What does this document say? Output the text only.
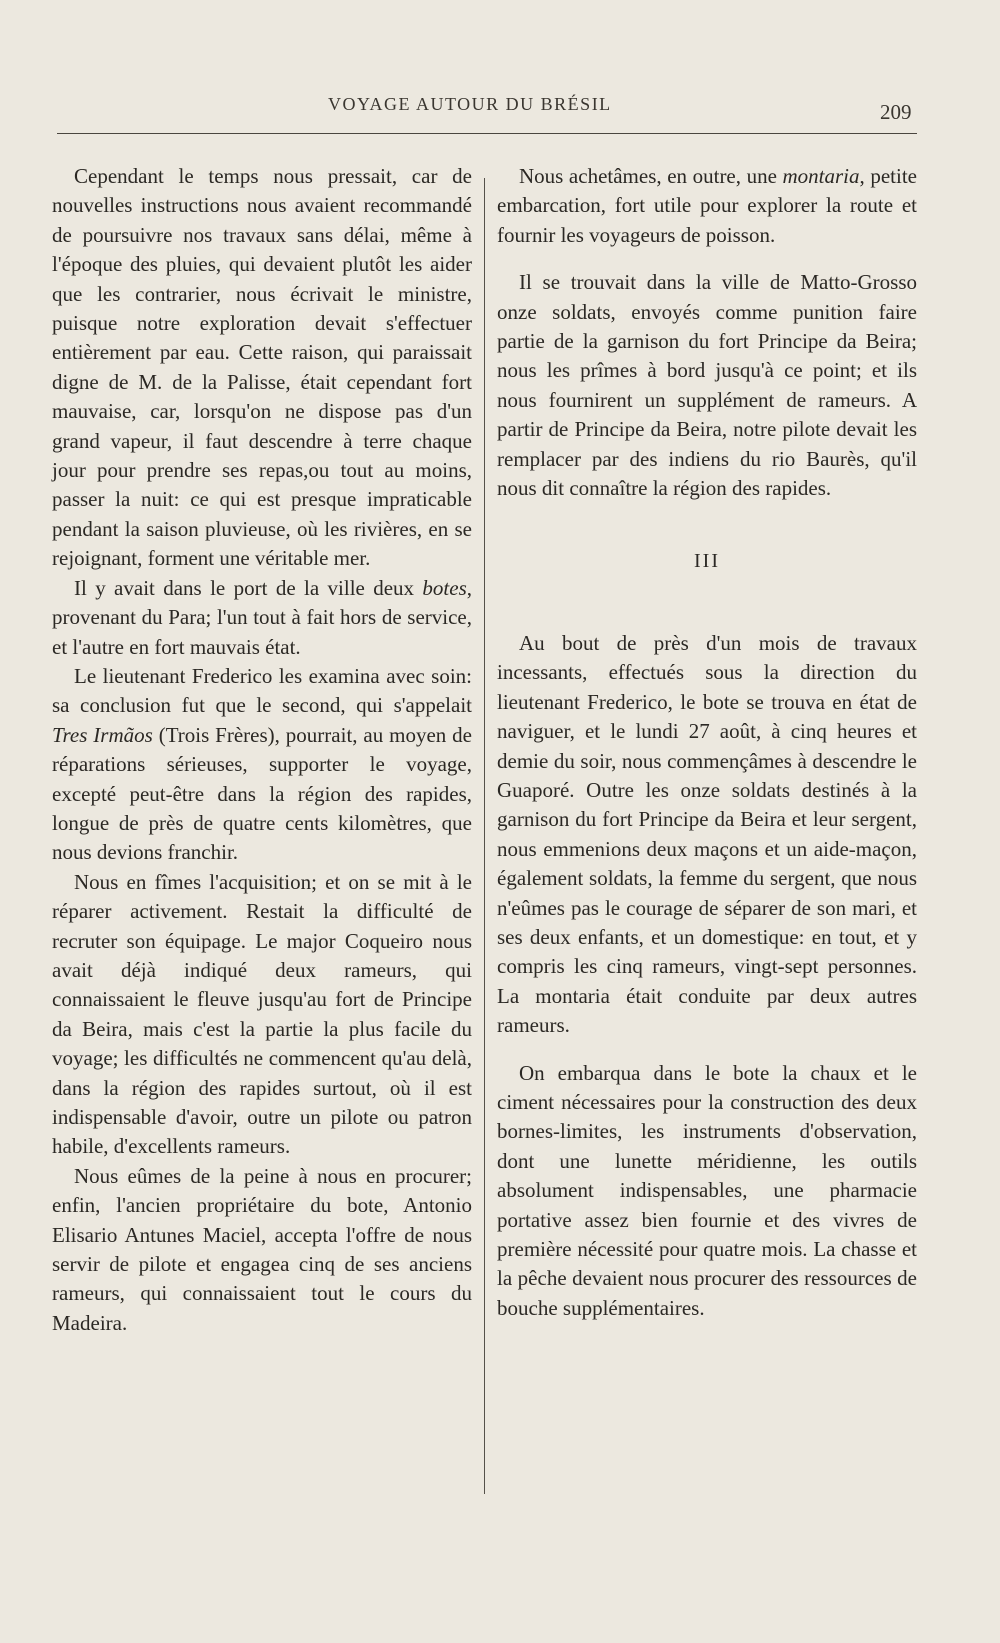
VOYAGE AUTOUR DU BRÉSIL	209

Cependant le temps nous pressait, car de nouvelles instructions nous avaient recommandé de poursuivre nos travaux sans délai, même à l'époque des pluies, qui devaient plutôt les aider que les contrarier, nous écrivait le ministre, puisque notre exploration devait s'effectuer entièrement par eau. Cette raison, qui paraissait digne de M. de la Palisse, était cependant fort mauvaise, car, lorsqu'on ne dispose pas d'un grand vapeur, il faut descendre à terre chaque jour pour prendre ses repas,ou tout au moins, passer la nuit: ce qui est presque impraticable pendant la saison pluvieuse, où les rivières, en se rejoignant, forment une véritable mer.

Il y avait dans le port de la ville deux botes, provenant du Para; l'un tout à fait hors de service, et l'autre en fort mauvais état.

Le lieutenant Frederico les examina avec soin: sa conclusion fut que le second, qui s'appelait Tres Irmãos (Trois Frères), pourrait, au moyen de réparations sérieuses, supporter le voyage, excepté peut-être dans la région des rapides, longue de près de quatre cents kilomètres, que nous devions franchir.

Nous en fîmes l'acquisition; et on se mit à le réparer activement. Restait la difficulté de recruter son équipage. Le major Coqueiro nous avait déjà indiqué deux rameurs, qui connaissaient le fleuve jusqu'au fort de Principe da Beira, mais c'est la partie la plus facile du voyage; les difficultés ne commencent qu'au delà, dans la région des rapides surtout, où il est indispensable d'avoir, outre un pilote ou patron habile, d'excellents rameurs.

Nous eûmes de la peine à nous en procurer; enfin, l'ancien propriétaire du bote, Antonio Elisario Antunes Maciel, accepta l'offre de nous servir de pilote et engagea cinq de ses anciens rameurs, qui connaissaient tout le cours du Madeira.

Nous achetâmes, en outre, une montaria, petite embarcation, fort utile pour explorer la route et fournir les voyageurs de poisson.

Il se trouvait dans la ville de Matto-Grosso onze soldats, envoyés comme punition faire partie de la garnison du fort Principe da Beira; nous les prîmes à bord jusqu'à ce point; et ils nous fournirent un supplément de rameurs. A partir de Principe da Beira, notre pilote devait les remplacer par des indiens du rio Baurès, qu'il nous dit connaître la région des rapides.

III

Au bout de près d'un mois de travaux incessants, effectués sous la direction du lieutenant Frederico, le bote se trouva en état de naviguer, et le lundi 27 août, à cinq heures et demie du soir, nous commençâmes à descendre le Guaporé. Outre les onze soldats destinés à la garnison du fort Principe da Beira et leur sergent, nous emmenions deux maçons et un aide-maçon, également soldats, la femme du sergent, que nous n'eûmes pas le courage de séparer de son mari, et ses deux enfants, et un domestique: en tout, et y compris les cinq rameurs, vingt-sept personnes. La montaria était conduite par deux autres rameurs.

On embarqua dans le bote la chaux et le ciment nécessaires pour la construction des deux bornes-limites, les instruments d'observation, dont une lunette méridienne, les outils absolument indispensables, une pharmacie portative assez bien fournie et des vivres de première nécessité pour quatre mois. La chasse et la pêche devaient nous procurer des ressources de bouche supplémentaires.
